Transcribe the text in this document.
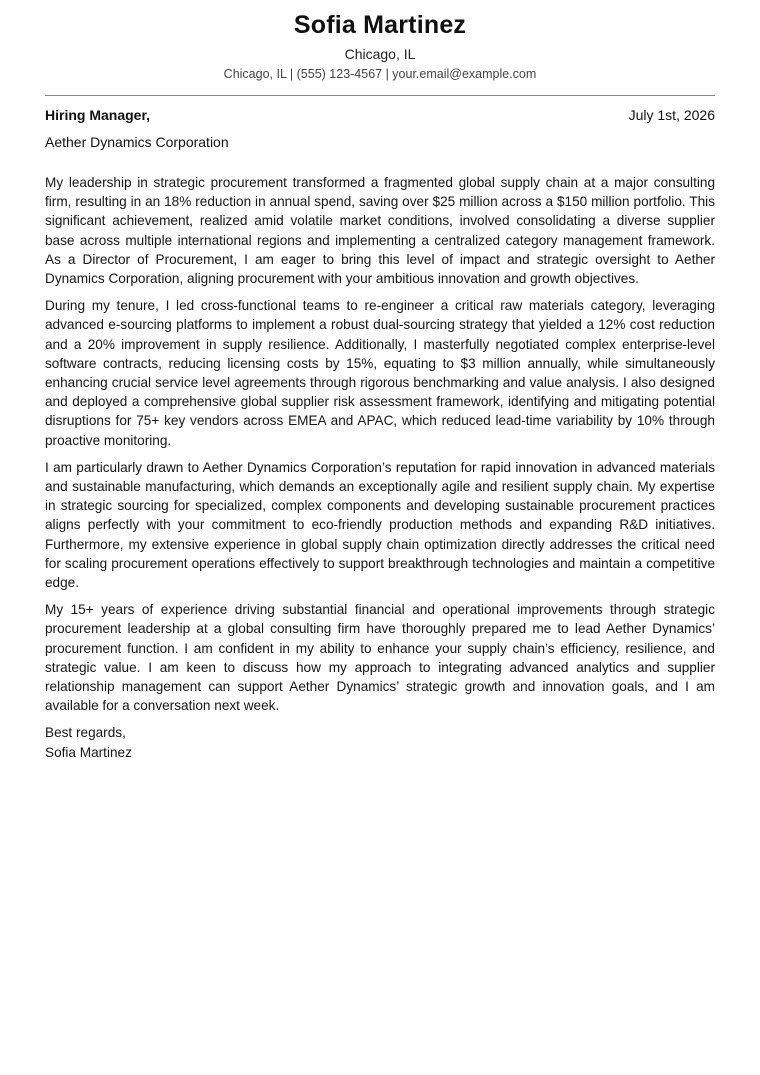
Sofia Martinez
Chicago, IL
Chicago, IL | (555) 123-4567 | your.email@example.com
Hiring Manager,	July 1st, 2026
Aether Dynamics Corporation

My leadership in strategic procurement transformed a fragmented global supply chain at a major consulting firm, resulting in an 18% reduction in annual spend, saving over $25 million across a $150 million portfolio. This significant achievement, realized amid volatile market conditions, involved consolidating a diverse supplier base across multiple international regions and implementing a centralized category management framework. As a Director of Procurement, I am eager to bring this level of impact and strategic oversight to Aether Dynamics Corporation, aligning procurement with your ambitious innovation and growth objectives.

During my tenure, I led cross-functional teams to re-engineer a critical raw materials category, leveraging advanced e-sourcing platforms to implement a robust dual-sourcing strategy that yielded a 12% cost reduction and a 20% improvement in supply resilience. Additionally, I masterfully negotiated complex enterprise-level software contracts, reducing licensing costs by 15%, equating to $3 million annually, while simultaneously enhancing crucial service level agreements through rigorous benchmarking and value analysis. I also designed and deployed a comprehensive global supplier risk assessment framework, identifying and mitigating potential disruptions for 75+ key vendors across EMEA and APAC, which reduced lead-time variability by 10% through proactive monitoring.

I am particularly drawn to Aether Dynamics Corporation’s reputation for rapid innovation in advanced materials and sustainable manufacturing, which demands an exceptionally agile and resilient supply chain. My expertise in strategic sourcing for specialized, complex components and developing sustainable procurement practices aligns perfectly with your commitment to eco-friendly production methods and expanding R&D initiatives. Furthermore, my extensive experience in global supply chain optimization directly addresses the critical need for scaling procurement operations effectively to support breakthrough technologies and maintain a competitive edge.

My 15+ years of experience driving substantial financial and operational improvements through strategic procurement leadership at a global consulting firm have thoroughly prepared me to lead Aether Dynamics’ procurement function. I am confident in my ability to enhance your supply chain’s efficiency, resilience, and strategic value. I am keen to discuss how my approach to integrating advanced analytics and supplier relationship management can support Aether Dynamics’ strategic growth and innovation goals, and I am available for a conversation next week.

Best regards,
Sofia Martinez
